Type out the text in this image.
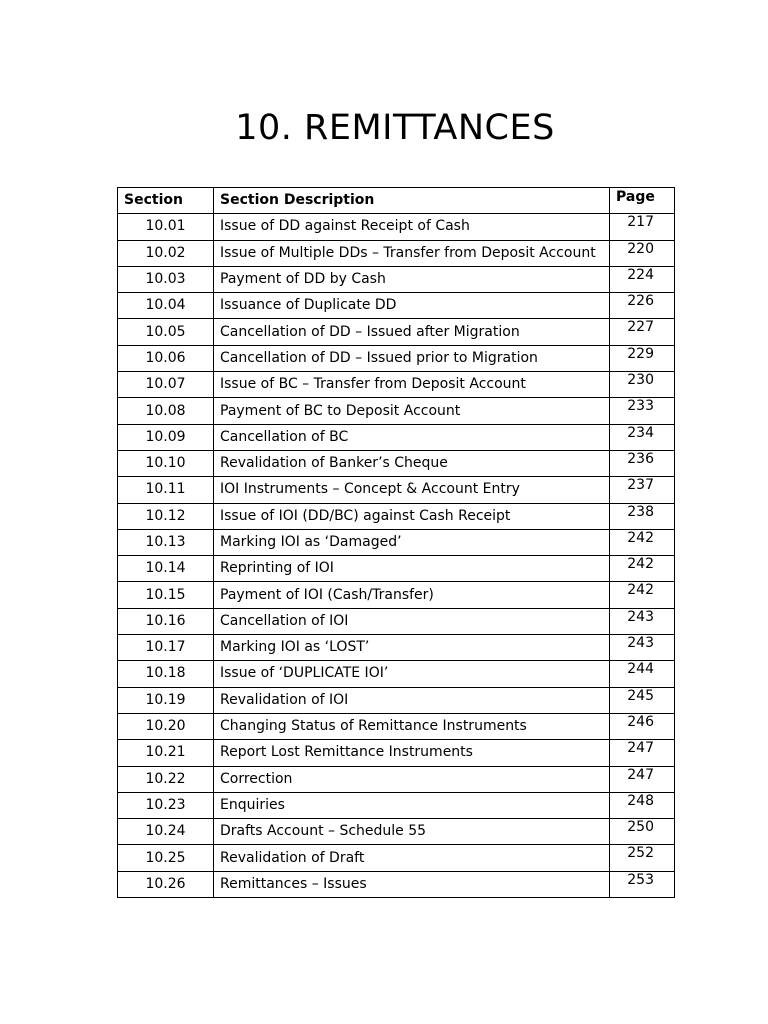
10. REMITTANCES
Section	Section Description	Page
10.01	Issue of DD against Receipt of Cash	217
10.02	Issue of Multiple DDs – Transfer from Deposit Account	220
10.03	Payment of DD by Cash	224
10.04	Issuance of Duplicate DD	226
10.05	Cancellation of DD – Issued after Migration	227
10.06	Cancellation of DD – Issued prior to Migration	229
10.07	Issue of BC – Transfer from Deposit Account	230
10.08	Payment of BC to Deposit Account	233
10.09	Cancellation of BC	234
10.10	Revalidation of Banker’s Cheque	236
10.11	IOI Instruments – Concept & Account Entry	237
10.12	Issue of IOI (DD/BC) against Cash Receipt	238
10.13	Marking IOI as ‘Damaged’	242
10.14	Reprinting of IOI	242
10.15	Payment of IOI (Cash/Transfer)	242
10.16	Cancellation of IOI	243
10.17	Marking IOI as ‘LOST’	243
10.18	Issue of ‘DUPLICATE IOI’	244
10.19	Revalidation of IOI	245
10.20	Changing Status of Remittance Instruments	246
10.21	Report Lost Remittance Instruments	247
10.22	Correction	247
10.23	Enquiries	248
10.24	Drafts Account – Schedule 55	250
10.25	Revalidation of Draft	252
10.26	Remittances – Issues	253
